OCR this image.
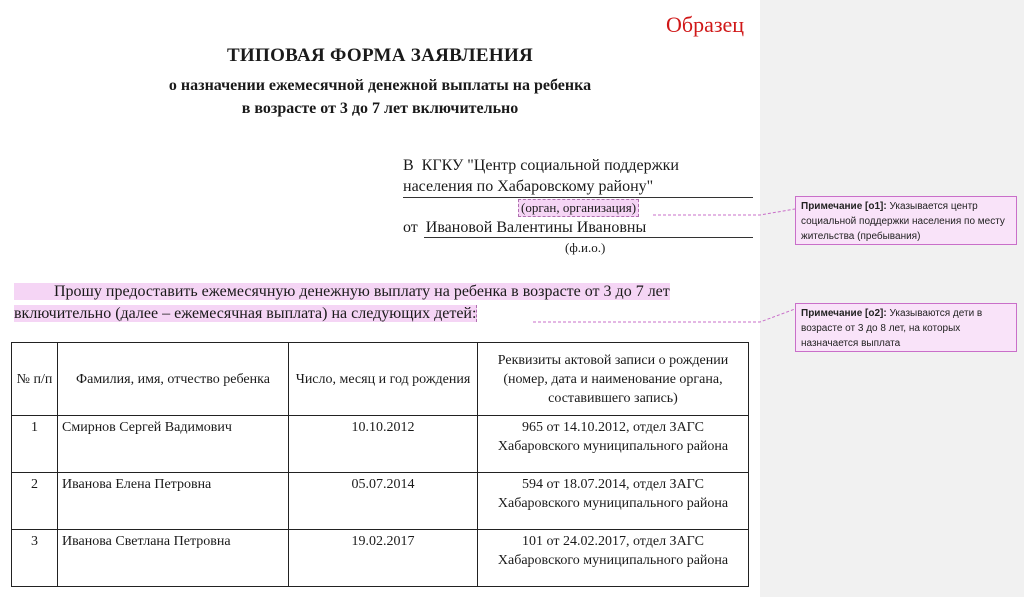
Образец
ТИПОВАЯ ФОРМА ЗАЯВЛЕНИЯ
о назначении ежемесячной денежной выплаты на ребенка
в возрасте от 3 до 7 лет включительно
В КГКУ "Центр социальной поддержки
населения по Хабаровскому району"
(орган, организация)
от Ивановой Валентины Ивановны
(ф.и.о.)
Прошу предоставить ежемесячную денежную выплату на ребенка в возрасте от 3 до 7 лет
включительно (далее – ежемесячная выплата) на следующих детей:
№ п/п	Фамилия, имя, отчество ребенка	Число, месяц и год рождения	Реквизиты актовой записи о рождении (номер, дата и наименование органа, составившего запись)
1	Смирнов Сергей Вадимович	10.10.2012	965 от 14.10.2012, отдел ЗАГС Хабаровского муниципального района
2	Иванова Елена Петровна	05.07.2014	594 от 18.07.2014, отдел ЗАГС Хабаровского муниципального района
3	Иванова Светлана Петровна	19.02.2017	101 от 24.02.2017, отдел ЗАГС Хабаровского муниципального района
Примечание [o1]: Указывается центр социальной поддержки населения по месту жительства (пребывания)
Примечание [o2]: Указываются дети в возрасте от 3 до 8 лет, на которых назначается выплата
